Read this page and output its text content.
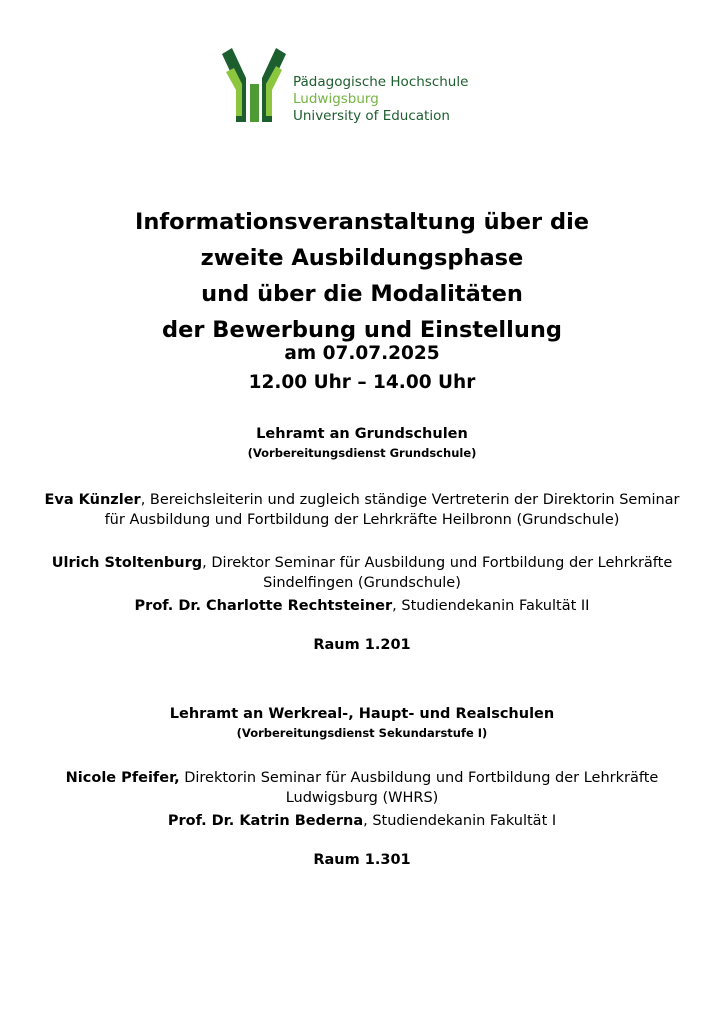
Pädagogische Hochschule
Ludwigsburg
University of Education
Informationsveranstaltung über die
zweite Ausbildungsphase
und über die Modalitäten
der Bewerbung und Einstellung
am 07.07.2025
12.00 Uhr – 14.00 Uhr
Lehramt an Grundschulen
(Vorbereitungsdienst Grundschule)
Eva Künzler, Bereichsleiterin und zugleich ständige Vertreterin der Direktorin Seminar für Ausbildung und Fortbildung der Lehrkräfte Heilbronn (Grundschule)
Ulrich Stoltenburg, Direktor Seminar für Ausbildung und Fortbildung der Lehrkräfte Sindelfingen (Grundschule)
Prof. Dr. Charlotte Rechtsteiner, Studiendekanin Fakultät II
Raum 1.201
Lehramt an Werkreal-, Haupt- und Realschulen
(Vorbereitungsdienst Sekundarstufe I)
Nicole Pfeifer, Direktorin Seminar für Ausbildung und Fortbildung der Lehrkräfte Ludwigsburg (WHRS)
Prof. Dr. Katrin Bederna, Studiendekanin Fakultät I
Raum 1.301
